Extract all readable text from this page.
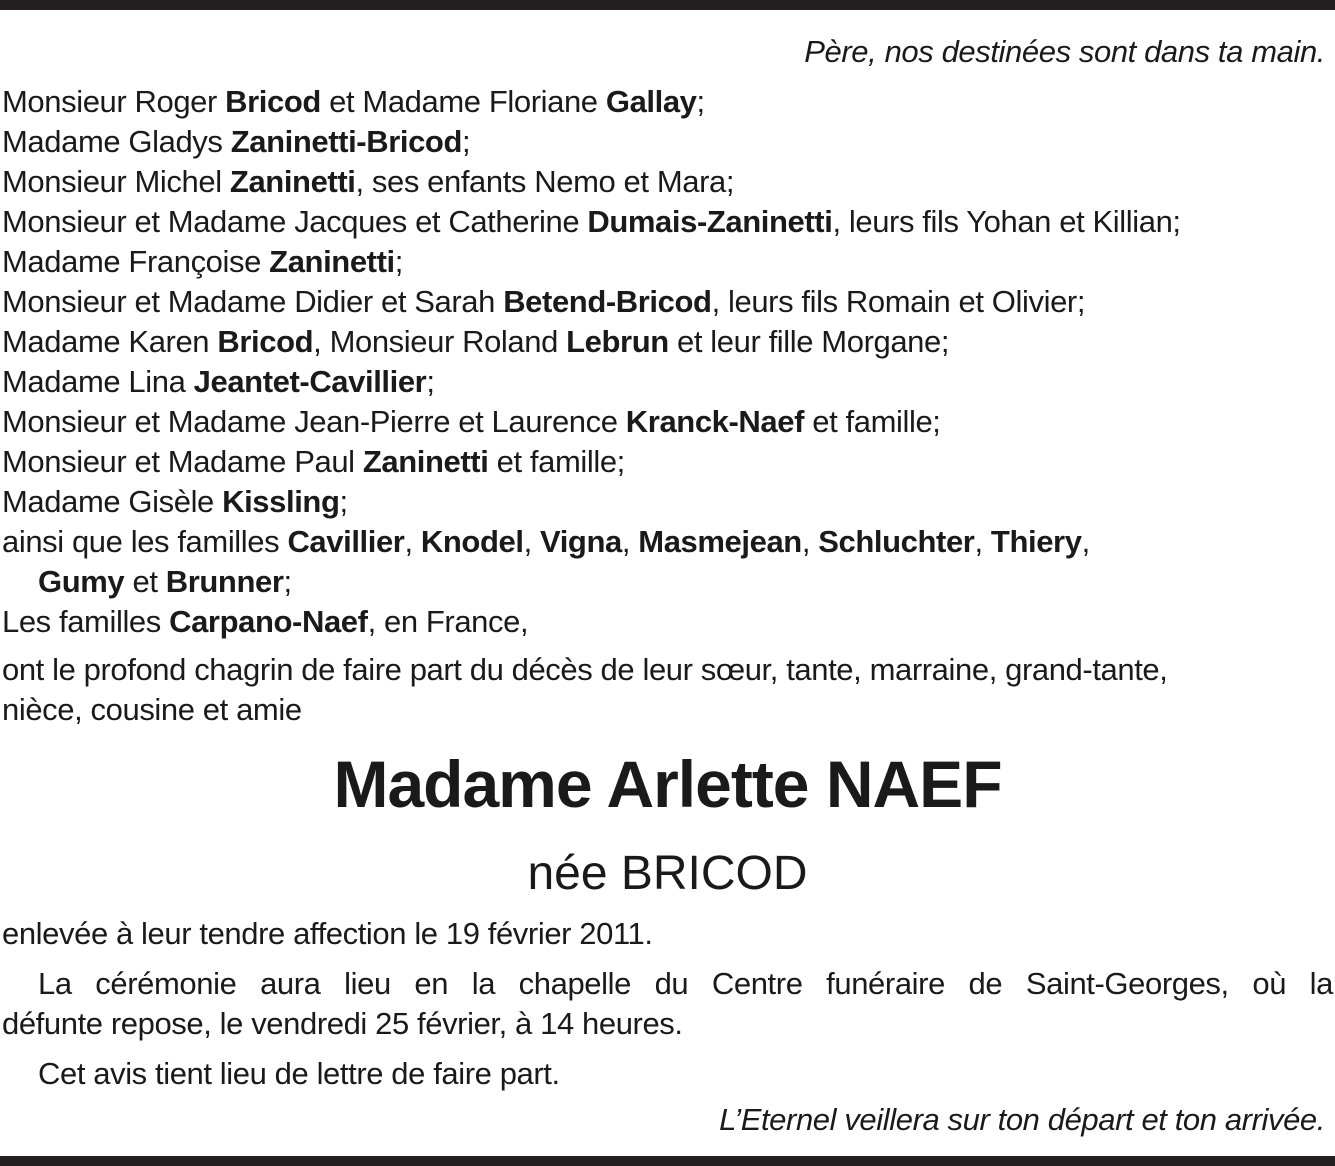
Père, nos destinées sont dans ta main.
Monsieur Roger Bricod et Madame Floriane Gallay;
Madame Gladys Zaninetti-Bricod;
Monsieur Michel Zaninetti, ses enfants Nemo et Mara;
Monsieur et Madame Jacques et Catherine Dumais-Zaninetti, leurs fils Yohan et Killian;
Madame Françoise Zaninetti;
Monsieur et Madame Didier et Sarah Betend-Bricod, leurs fils Romain et Olivier;
Madame Karen Bricod, Monsieur Roland Lebrun et leur fille Morgane;
Madame Lina Jeantet-Cavillier;
Monsieur et Madame Jean-Pierre et Laurence Kranck-Naef et famille;
Monsieur et Madame Paul Zaninetti et famille;
Madame Gisèle Kissling;
ainsi que les familles Cavillier, Knodel, Vigna, Masmejean, Schluchter, Thiery,
Gumy et Brunner;
Les familles Carpano-Naef, en France,
ont le profond chagrin de faire part du décès de leur sœur, tante, marraine, grand-tante,
nièce, cousine et amie
Madame Arlette NAEF
née BRICOD
enlevée à leur tendre affection le 19 février 2011.
La cérémonie aura lieu en la chapelle du Centre funéraire de Saint-Georges, où la
défunte repose, le vendredi 25 février, à 14 heures.
Cet avis tient lieu de lettre de faire part.
L’Eternel veillera sur ton départ et ton arrivée.
